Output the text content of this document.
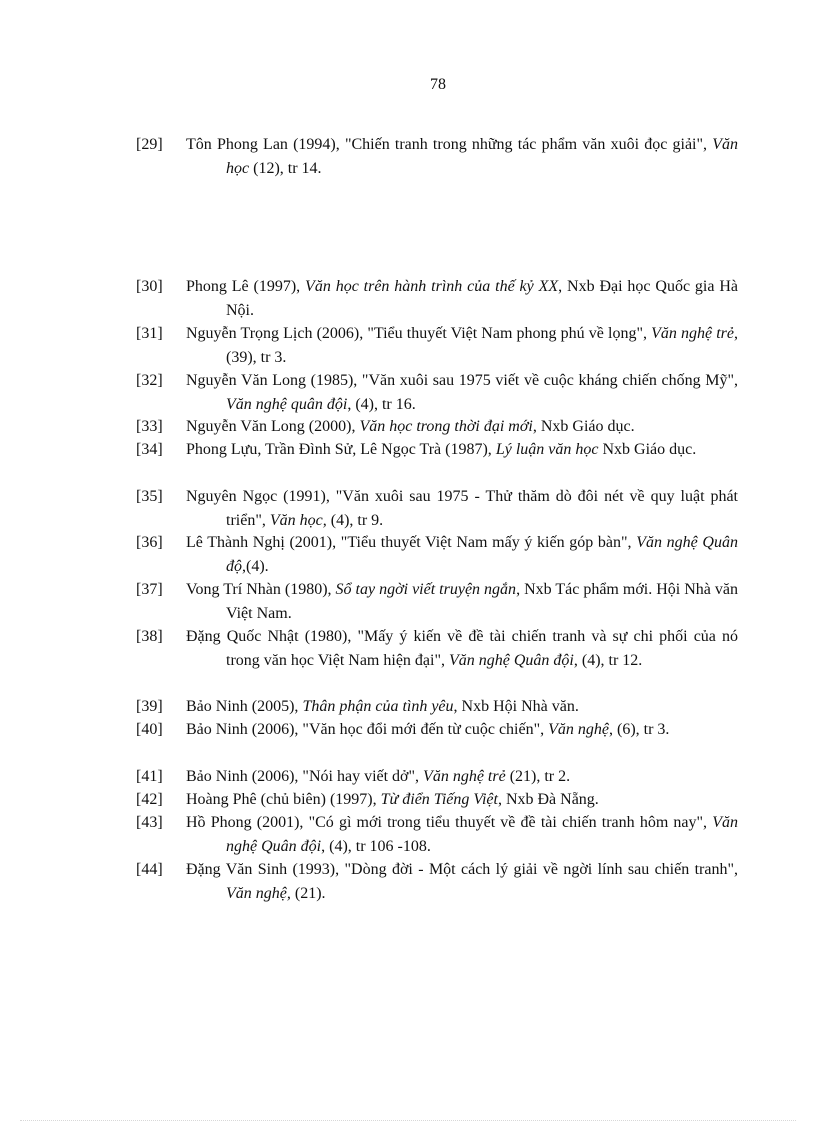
78
[29] Tôn Phong Lan (1994), "Chiến tranh trong những tác phẩm văn xuôi đọc giải", Văn học (12), tr 14.
[30] Phong Lê (1997), Văn học trên hành trình của thế kỷ XX, Nxb Đại học Quốc gia Hà Nội.
[31] Nguyễn Trọng Lịch (2006), "Tiểu thuyết Việt Nam phong phú về lọng", Văn nghệ trẻ, (39), tr 3.
[32] Nguyễn Văn Long (1985), "Văn xuôi sau 1975 viết về cuộc kháng chiến chống Mỹ", Văn nghệ quân đội, (4), tr 16.
[33] Nguyễn Văn Long (2000), Văn học trong thời đại mới, Nxb Giáo dục.
[34] Phong Lựu, Trần Đình Sử, Lê Ngọc Trà (1987), Lý luận văn học Nxb Giáo dục.
[35] Nguyên Ngọc (1991), "Văn xuôi sau 1975 - Thử thăm dò đôi nét về quy luật phát triển", Văn học, (4), tr 9.
[36] Lê Thành Nghị (2001), "Tiểu thuyết Việt Nam mấy ý kiến góp bàn", Văn nghệ Quân độ,(4).
[37] Vong Trí Nhàn (1980), Sổ tay ngời viết truyện ngắn, Nxb Tác phẩm mới. Hội Nhà văn Việt Nam.
[38] Đặng Quốc Nhật (1980), "Mấy ý kiến về đề tài chiến tranh và sự chi phối của nó trong văn học Việt Nam hiện đại", Văn nghệ Quân đội, (4), tr 12.
[39] Bảo Ninh (2005), Thân phận của tình yêu, Nxb Hội Nhà văn.
[40] Bảo Ninh (2006), "Văn học đổi mới đến từ cuộc chiến", Văn nghệ, (6), tr 3.
[41] Bảo Ninh (2006), "Nói hay viết dở", Văn nghệ trẻ (21), tr 2.
[42] Hoàng Phê (chủ biên) (1997), Từ điển Tiếng Việt, Nxb Đà Nẵng.
[43] Hồ Phong (2001), "Có gì mới trong tiểu thuyết về đề tài chiến tranh hôm nay", Văn nghệ Quân đội, (4), tr 106 -108.
[44] Đặng Văn Sinh (1993), "Dòng đời - Một cách lý giải về ngời lính sau chiến tranh", Văn nghệ, (21).
